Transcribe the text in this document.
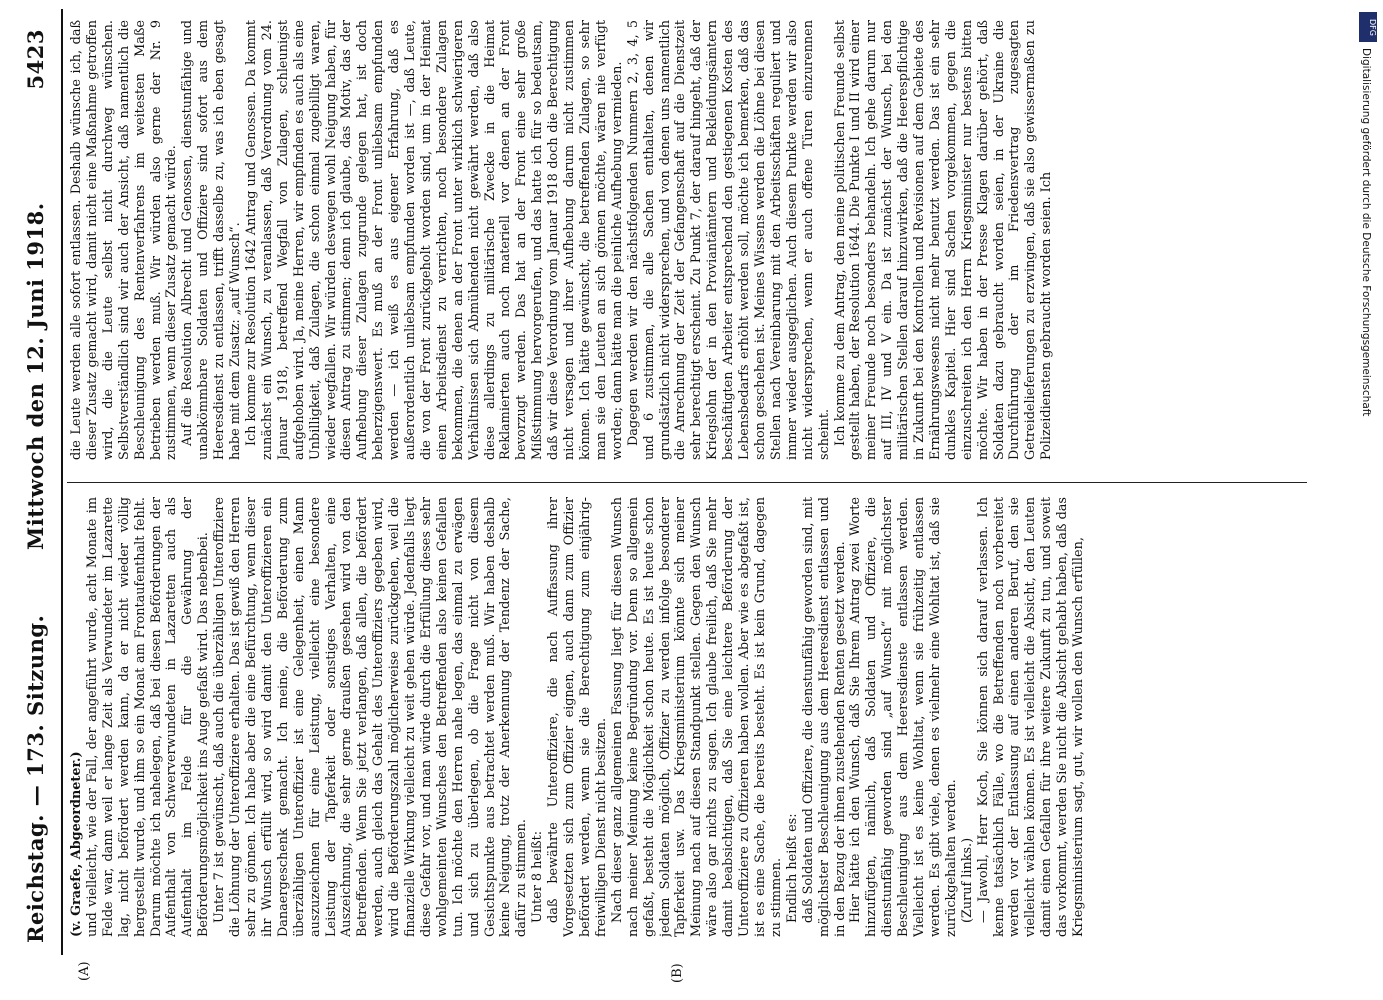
Reichstag. — 173. Sitzung.
Mittwoch den 12. Juni 1918.
5423
(A)	(B)

(v. Graefe, Abgeordneter.) und vielleicht, wie der Fall, der angeführt wurde, acht Monate im Felde war, dann weil er lange Zeit als Verwundeter im Lazarette lag, nicht befördert werden kann, da er nicht wieder völlig hergestellt wurde, und ihm so ein Monat am Frontaufenthalt fehlt. Darum möchte ich nahelegen, daß bei diesen Beförderungen der Aufenthalt von Schwerverwundeten in Lazaretten auch als Aufenthalt im Felde für die Gewährung der Beförderungsmöglichkeit ins Auge gefaßt wird. Das nebenbei. Unter 7 ist gewünscht, daß auch die überzähligen Unteroffiziere die Löhnung der Unteroffiziere erhalten. Das ist gewiß den Herren sehr zu gönnen. Ich habe aber die eine Befürchtung, wenn dieser ihr Wunsch erfüllt wird, so wird damit den Unteroffizieren ein Danaergeschenk gemacht. Ich meine, die Beförderung zum überzähligen Unteroffizier ist eine Gelegenheit, einen Mann auszuzeichnen für eine Leistung, vielleicht eine besondere Leistung der Tapferkeit oder sonstiges Verhalten, eine Auszeichnung, die sehr gerne draußen gesehen wird von den Betreffenden. Wenn Sie jetzt verlangen, daß allen, die befördert werden, auch gleich das Gehalt des Unteroffiziers gegeben wird, wird die Beförderungszahl möglicherweise zurückgehen, weil die finanzielle Wirkung vielleicht zu weit gehen würde. Jedenfalls liegt diese Gefahr vor, und man würde durch die Erfüllung dieses sehr wohlgemeinten Wunsches den Betreffenden also keinen Gefallen tun. Ich möchte den Herren nahe legen, das einmal zu erwägen und sich zu überlegen, ob die Frage nicht von diesem Gesichtspunkte aus betrachtet werden muß. Wir haben deshalb keine Neigung, trotz der Anerkennung der Tendenz der Sache, dafür zu stimmen. Unter 8 heißt: daß bewährte Unteroffiziere, die nach Auffassung ihrer Vorgesetzten sich zum Offizier eignen, auch dann zum Offizier befördert werden, wenn sie die Berechtigung zum einjährig-freiwilligen Dienst nicht besitzen. Nach dieser ganz allgemeinen Fassung liegt für diesen Wunsch nach meiner Meinung keine Begründung vor. Denn so allgemein gefaßt, besteht die Möglichkeit schon heute. Es ist heute schon jedem Soldaten möglich, Offizier zu werden infolge besonderer Tapferkeit usw. Das Kriegsministerium könnte sich meiner Meinung nach auf diesen Standpunkt stellen. Gegen den Wunsch wäre also gar nichts zu sagen. Ich glaube freilich, daß Sie mehr damit beabsichtigen, daß Sie eine leichtere Beförderung der Unteroffiziere zu Offizieren haben wollen. Aber wie es abgefaßt ist, ist es eine Sache, die bereits besteht. Es ist kein Grund, dagegen zu stimmen. Endlich heißt es: daß Soldaten und Offiziere, die dienstunfähig geworden sind, mit möglichster Beschleunigung aus dem Heeresdienst entlassen und in den Bezug der ihnen zustehenden Renten gesetzt werden. Hier hätte ich den Wunsch, daß Sie Ihrem Antrag zwei Worte hinzufügten, nämlich, daß Soldaten und Offiziere, die dienstunfähig geworden sind „auf Wunsch“ mit möglichster Beschleunigung aus dem Heeresdienste entlassen werden. Vielleicht ist es keine Wohltat, wenn sie frühzeitig entlassen werden. Es gibt viele, denen es vielmehr eine Wohltat ist, daß sie zurückgehalten werden. (Zuruf links.) — Jawohl, Herr Koch, Sie können sich darauf verlassen. Ich kenne tatsächlich Fälle, wo die Betreffenden noch vorbereitet werden vor der Entlassung auf einen anderen Beruf, den sie vielleicht wählen können. Es ist vielleicht die Absicht, den Leuten damit einen Gefallen für ihre weitere Zukunft zu tun, und soweit das vorkommt, werden Sie nicht die Absicht gehabt haben, daß das Kriegsministerium sagt, gut, wir wollen den Wunsch erfüllen,

die Leute werden alle sofort entlassen. Deshalb wünsche ich, daß dieser Zusatz gemacht wird, damit nicht eine Maßnahme getroffen wird, die die Leute selbst nicht durchweg wünschen. Selbstverständlich sind wir auch der Ansicht, daß namentlich die Beschleunigung des Rentenverfahrens im weitesten Maße betrieben werden muß. Wir würden also gerne der Nr. 9 zustimmen, wenn dieser Zusatz gemacht würde. Auf die Resolution Albrecht und Genossen, dienstunfähige und unabkömmbare Soldaten und Offiziere sind sofort aus dem Heeresdienst zu entlassen, trifft dasselbe zu, was ich eben gesagt habe mit dem Zusatz: „auf Wunsch“. Ich komme zur Resolution 1642 Antrag und Genossen. Da kommt zunächst ein Wunsch, zu veranlassen, daß Verordnung vom 24. Januar 1918, betreffend Wegfall von Zulagen, schleunigst aufgehoben wird. Ja, meine Herren, wir empfinden es auch als eine Unbilligkeit, daß Zulagen, die schon einmal zugebilligt waren, wieder wegfallen. Wir würden deswegen wohl Neigung haben, für diesen Antrag zu stimmen; denn ich glaube, das Motiv, das der Aufhebung dieser Zulagen zugrunde gelegen hat, ist doch beherzigenswert. Es muß an der Front unliebsam empfunden werden — ich weiß es aus eigener Erfahrung, daß es außerordentlich unliebsam empfunden worden ist —, daß Leute, die von der Front zurückgeholt worden sind, um in der Heimat einen Arbeitsdienst zu verrichten, noch besondere Zulagen bekommen, die denen an der Front unter wirklich schwierigeren Verhältnissen sich Abmühenden nicht gewährt werden, daß also diese allerdings zu militärische Zwecke in die Heimat Reklamierten auch noch materiell vor denen an der Front bevorzugt werden. Das hat an der Front eine sehr große Mißstimmung hervorgerufen, und das hatte ich für so bedeutsam, daß wir diese Verordnung vom Januar 1918 doch die Berechtigung nicht versagen und ihrer Aufhebung darum nicht zustimmen können. Ich hätte gewünscht, die betreffenden Zulagen, so sehr man sie den Leuten an sich gönnen möchte, wären nie verfügt worden; dann hätte man die peinliche Aufhebung vermieden. Dagegen werden wir den nächstfolgenden Nummern 2, 3, 4, 5 und 6 zustimmen, die alle Sachen enthalten, denen wir grundsätzlich nicht widersprechen, und von denen uns namentlich die Anrechnung der Zeit der Gefangenschaft auf die Dienstzeit sehr berechtigt erscheint. Zu Punkt 7, der darauf hingeht, daß der Kriegslohn der in den Proviantämtern und Bekleidungsämtern beschäftigten Arbeiter entsprechend den gestiegenen Kosten des Lebensbedarfs erhöht werden soll, möchte ich bemerken, daß das schon geschehen ist. Meines Wissens werden die Löhne bei diesen Stellen nach Vereinbarung mit den Arbeitsschäften reguliert und immer wieder ausgeglichen. Auch diesem Punkte werden wir also nicht widersprechen, wenn er auch offene Türen einzurennen scheint. Ich komme zu dem Antrag, den meine politischen Freunde selbst gestellt haben, der Resolution 1644. Die Punkte I und II wird einer meiner Freunde noch besonders behandeln. Ich gehe darum nur auf III, IV und V ein. Da ist zunächst der Wunsch, bei den militärischen Stellen darauf hinzuwirken, daß die Heerespflichtige in Zukunft bei den Kontrollen und Revisionen auf dem Gebiete des Ernährungswesens nicht mehr benutzt werden. Das ist ein sehr dunkles Kapitel. Hier sind Sachen vorgekommen, gegen die einzuschreiten ich den Herrn Kriegsminister nur bestens bitten möchte. Wir haben in der Presse Klagen darüber gehört, daß Soldaten dazu gebraucht worden seien, in der Ukraine die Durchführung der im Friedensvertrag zugesagten Getreidelieferungen zu erzwingen, daß sie also gewissermaßen zu Polizeidiensten gebraucht worden seien. Ich

DFG
Digitalisierung gefördert durch die Deutsche Forschungsgemeinschaft
